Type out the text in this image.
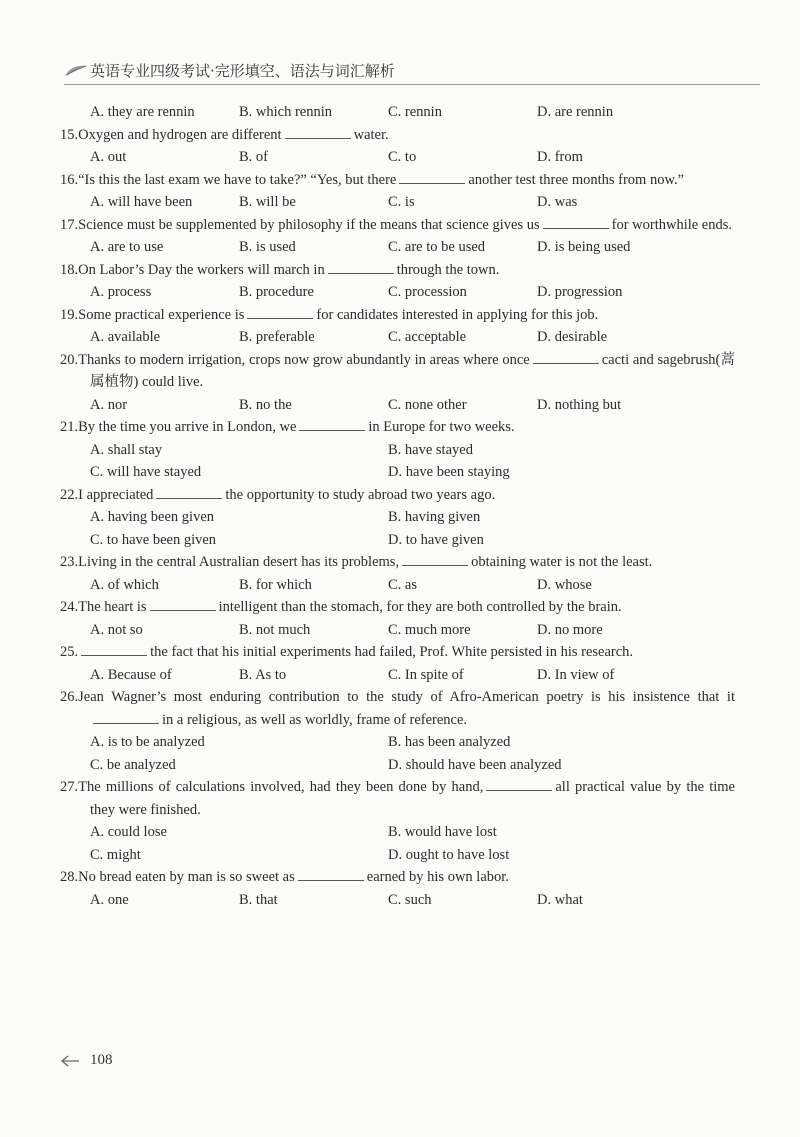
英语专业四级考试·完形填空、语法与词汇解析
A. they are rennin	B. which rennin	C. rennin	D. are rennin
15.Oxygen and hydrogen are different	water.
A. out	B. of	C. to	D. from
16.“Is this the last exam we have to take?” “Yes, but there	another test three months from now.”
A. will have been	B. will be	C. is	D. was
17.Science must be supplemented by philosophy if the means that science gives us	for worthwhile ends.
A. are to use	B. is used	C. are to be used	D. is being used
18.On Labor’s Day the workers will march in	through the town.
A. process	B. procedure	C. procession	D. progression
19.Some practical experience is	for candidates interested in applying for this job.
A. available	B. preferable	C. acceptable	D. desirable
20.Thanks to modern irrigation, crops now grow abundantly in areas where once	cacti and sagebrush(蒿属植物) could live.
A. nor	B. no the	C. none other	D. nothing but
21.By the time you arrive in London, we	in Europe for two weeks.
A. shall stay	B. have stayed
C. will have stayed	D. have been staying
22.I appreciated	the opportunity to study abroad two years ago.
A. having been given	B. having given
C. to have been given	D. to have given
23.Living in the central Australian desert has its problems,	obtaining water is not the least.
A. of which	B. for which	C. as	D. whose
24.The heart is	intelligent than the stomach, for they are both controlled by the brain.
A. not so	B. not much	C. much more	D. no more
25.	the fact that his initial experiments had failed, Prof. White persisted in his research.
A. Because of	B. As to	C. In spite of	D. In view of
26.Jean Wagner’s most enduring contribution to the study of Afro-American poetry is his insistence that itin a religious, as well as worldly, frame of reference.
A. is to be analyzed	B. has been analyzed
C. be analyzed	D. should have been analyzed
27.The millions of calculations involved, had they been done by hand,	all practical value by the time they were finished.
A. could lose	B. would have lost
C. might	D. ought to have lost
28.No bread eaten by man is so sweet as	earned by his own labor.
A. one	B. that	C. such	D. what
108
